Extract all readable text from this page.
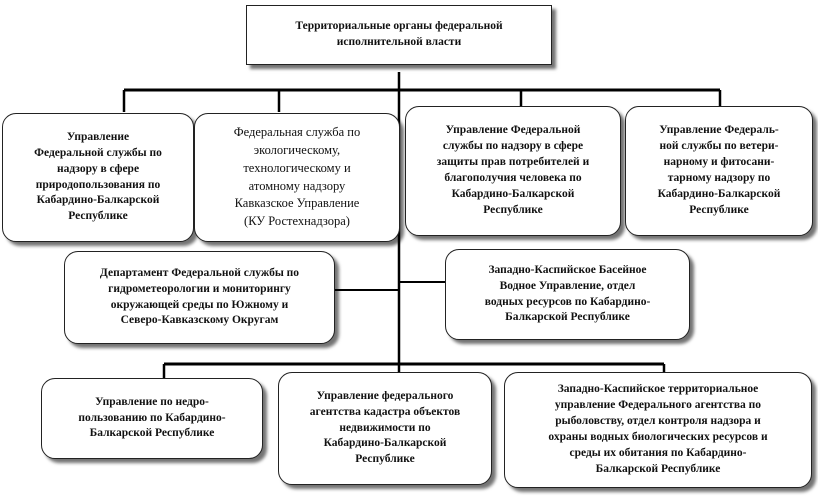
Территориальные органы федеральной
исполнительной власти
Управление
Федеральной службы по
надзору в сфере
природопользования по
Кабардино-Балкарской
Республике
Федеральная служба по
экологическому,
технологическому и
атомному надзору
Кавказское Управление
(КУ Ростехнадзора)
Управление Федеральной
службы по надзору в сфере
защиты прав потребителей и
благополучия человека по
Кабардино-Балкарской
Республике
Управление Федераль-
ной службы по ветери-
нарному и фитосани-
тарному надзору по
Кабардино-Балкарской
Республике
Департамент Федеральной службы по
гидрометеорологии и мониторингу
окружающей среды по Южному и
Северо-Кавказскому Округам
Западно-Каспийское Басейное
Водное Управление, отдел
водных ресурсов по Кабардино-
Балкарской Республике
Управление по недро-
пользованию по Кабардино-
Балкарской Республике
Управление федерального
агентства кадастра объектов
недвижимости по
Кабардино-Балкарской
Республике
Западно-Каспийское территориальное
управление Федерального агентства по
рыболовству, отдел контроля надзора и
охраны водных биологических ресурсов и
среды их обитания по Кабардино-
Балкарской Республике
